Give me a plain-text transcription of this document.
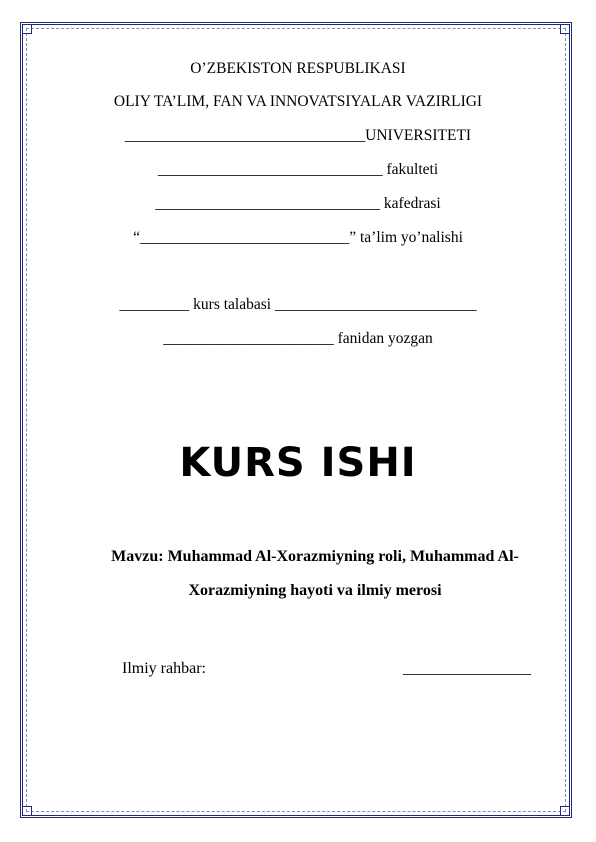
O’ZBEKISTON RESPUBLIKASI
OLIY TA’LIM, FAN VA INNOVATSIYALAR VAZIRLIGI
_______________________________UNIVERSITETI
_____________________________ fakulteti
_____________________________ kafedrasi
“___________________________” ta’lim yo’nalishi
_________ kurs talabasi __________________________
______________________ fanidan yozgan
KURS ISHI
Mavzu: Muhammad Al-Xorazmiyning roli, Muhammad Al-Xorazmiyning hayoti va ilmiy merosi
Ilmiy rahbar:	________________
